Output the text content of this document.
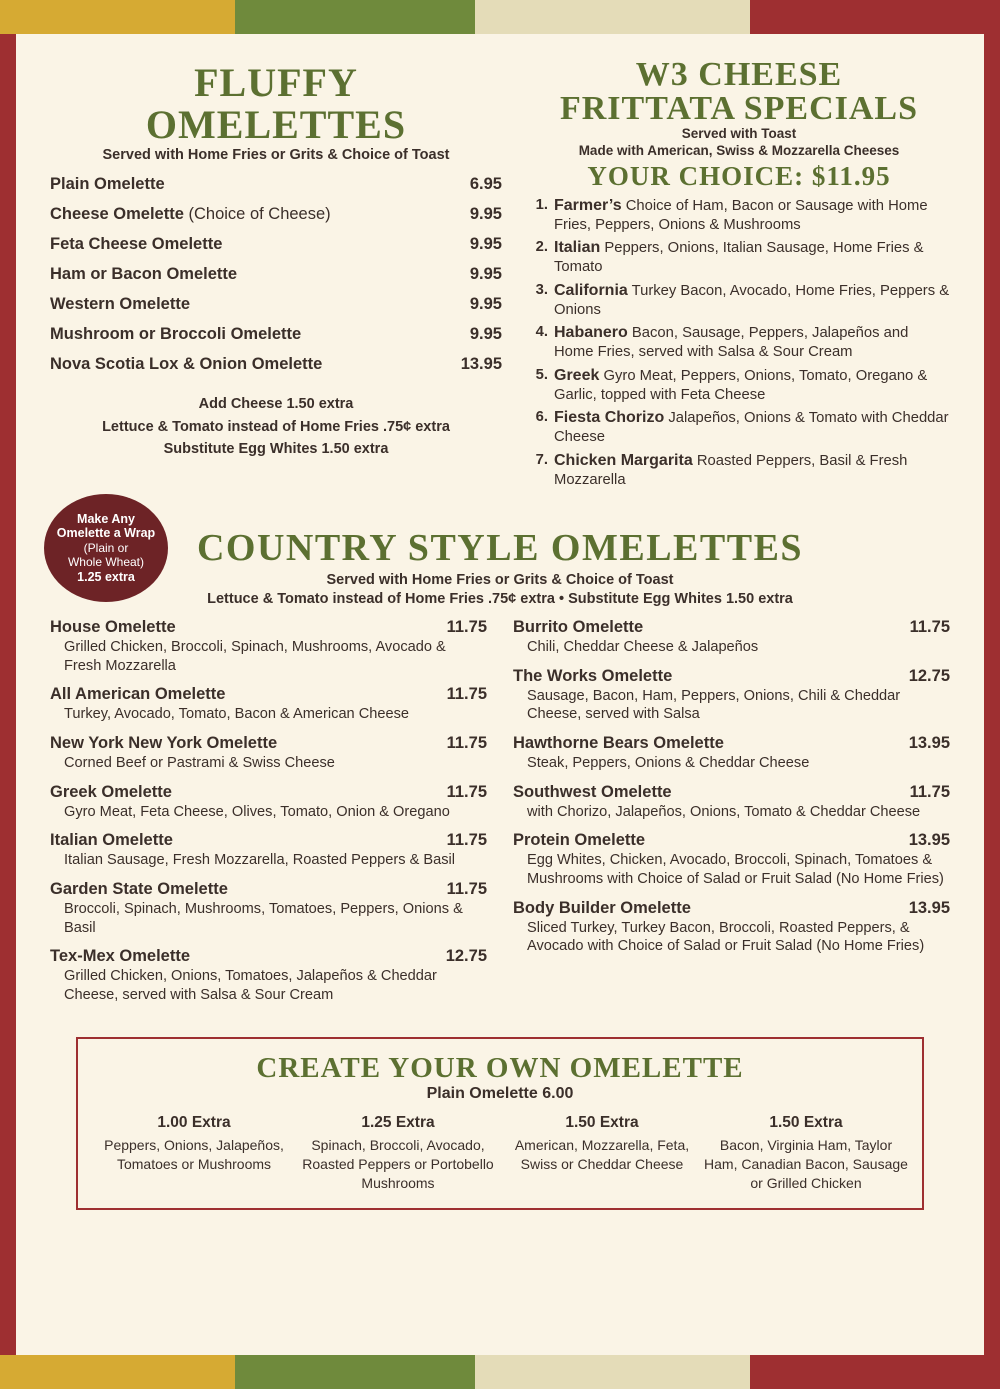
FLUFFY
OMELETTES
Served with Home Fries or Grits & Choice of Toast
Plain Omelette	6.95
Cheese Omelette (Choice of Cheese)	9.95
Feta Cheese Omelette	9.95
Ham or Bacon Omelette	9.95
Western Omelette	9.95
Mushroom or Broccoli Omelette	9.95
Nova Scotia Lox & Onion Omelette	13.95
Add Cheese 1.50 extra
Lettuce & Tomato instead of Home Fries .75¢ extra
Substitute Egg Whites 1.50 extra
W3 CHEESE
FRITTATA SPECIALS
Served with Toast
Made with American, Swiss & Mozzarella Cheeses
YOUR CHOICE: $11.95
1. Farmer’s Choice of Ham, Bacon or Sausage with Home Fries, Peppers, Onions & Mushrooms
2. Italian Peppers, Onions, Italian Sausage, Home Fries & Tomato
3. California Turkey Bacon, Avocado, Home Fries, Peppers & Onions
4. Habanero Bacon, Sausage, Peppers, Jalapeños and Home Fries, served with Salsa & Sour Cream
5. Greek Gyro Meat, Peppers, Onions, Tomato, Oregano & Garlic, topped with Feta Cheese
6. Fiesta Chorizo Jalapeños, Onions & Tomato with Cheddar Cheese
7. Chicken Margarita Roasted Peppers, Basil & Fresh Mozzarella
COUNTRY STYLE OMELETTES
Served with Home Fries or Grits & Choice of Toast
Lettuce & Tomato instead of Home Fries .75¢ extra • Substitute Egg Whites 1.50 extra
House Omelette	11.75
Grilled Chicken, Broccoli, Spinach, Mushrooms, Avocado & Fresh Mozzarella
All American Omelette	11.75
Turkey, Avocado, Tomato, Bacon & American Cheese
New York New York Omelette	11.75
Corned Beef or Pastrami & Swiss Cheese
Greek Omelette	11.75
Gyro Meat, Feta Cheese, Olives, Tomato, Onion & Oregano
Italian Omelette	11.75
Italian Sausage, Fresh Mozzarella, Roasted Peppers & Basil
Garden State Omelette	11.75
Broccoli, Spinach, Mushrooms, Tomatoes, Peppers, Onions & Basil
Tex-Mex Omelette	12.75
Grilled Chicken, Onions, Tomatoes, Jalapeños & Cheddar Cheese, served with Salsa & Sour Cream
Burrito Omelette	11.75
Chili, Cheddar Cheese & Jalapeños
The Works Omelette	12.75
Sausage, Bacon, Ham, Peppers, Onions, Chili & Cheddar Cheese, served with Salsa
Hawthorne Bears Omelette	13.95
Steak, Peppers, Onions & Cheddar Cheese
Southwest Omelette	11.75
with Chorizo, Jalapeños, Onions, Tomato & Cheddar Cheese
Protein Omelette	13.95
Egg Whites, Chicken, Avocado, Broccoli, Spinach, Tomatoes & Mushrooms with Choice of Salad or Fruit Salad (No Home Fries)
Body Builder Omelette	13.95
Sliced Turkey, Turkey Bacon, Broccoli, Roasted Peppers, & Avocado with Choice of Salad or Fruit Salad (No Home Fries)
CREATE YOUR OWN OMELETTE
Plain Omelette 6.00
1.00 Extra
Peppers, Onions, Jalapeños, Tomatoes or Mushrooms
1.25 Extra
Spinach, Broccoli, Avocado, Roasted Peppers or Portobello Mushrooms
1.50 Extra
American, Mozzarella, Feta, Swiss or Cheddar Cheese
1.50 Extra
Bacon, Virginia Ham, Taylor Ham, Canadian Bacon, Sausage or Grilled Chicken
Make Any
Omelette a Wrap
(Plain or
Whole Wheat)
1.25 extra
